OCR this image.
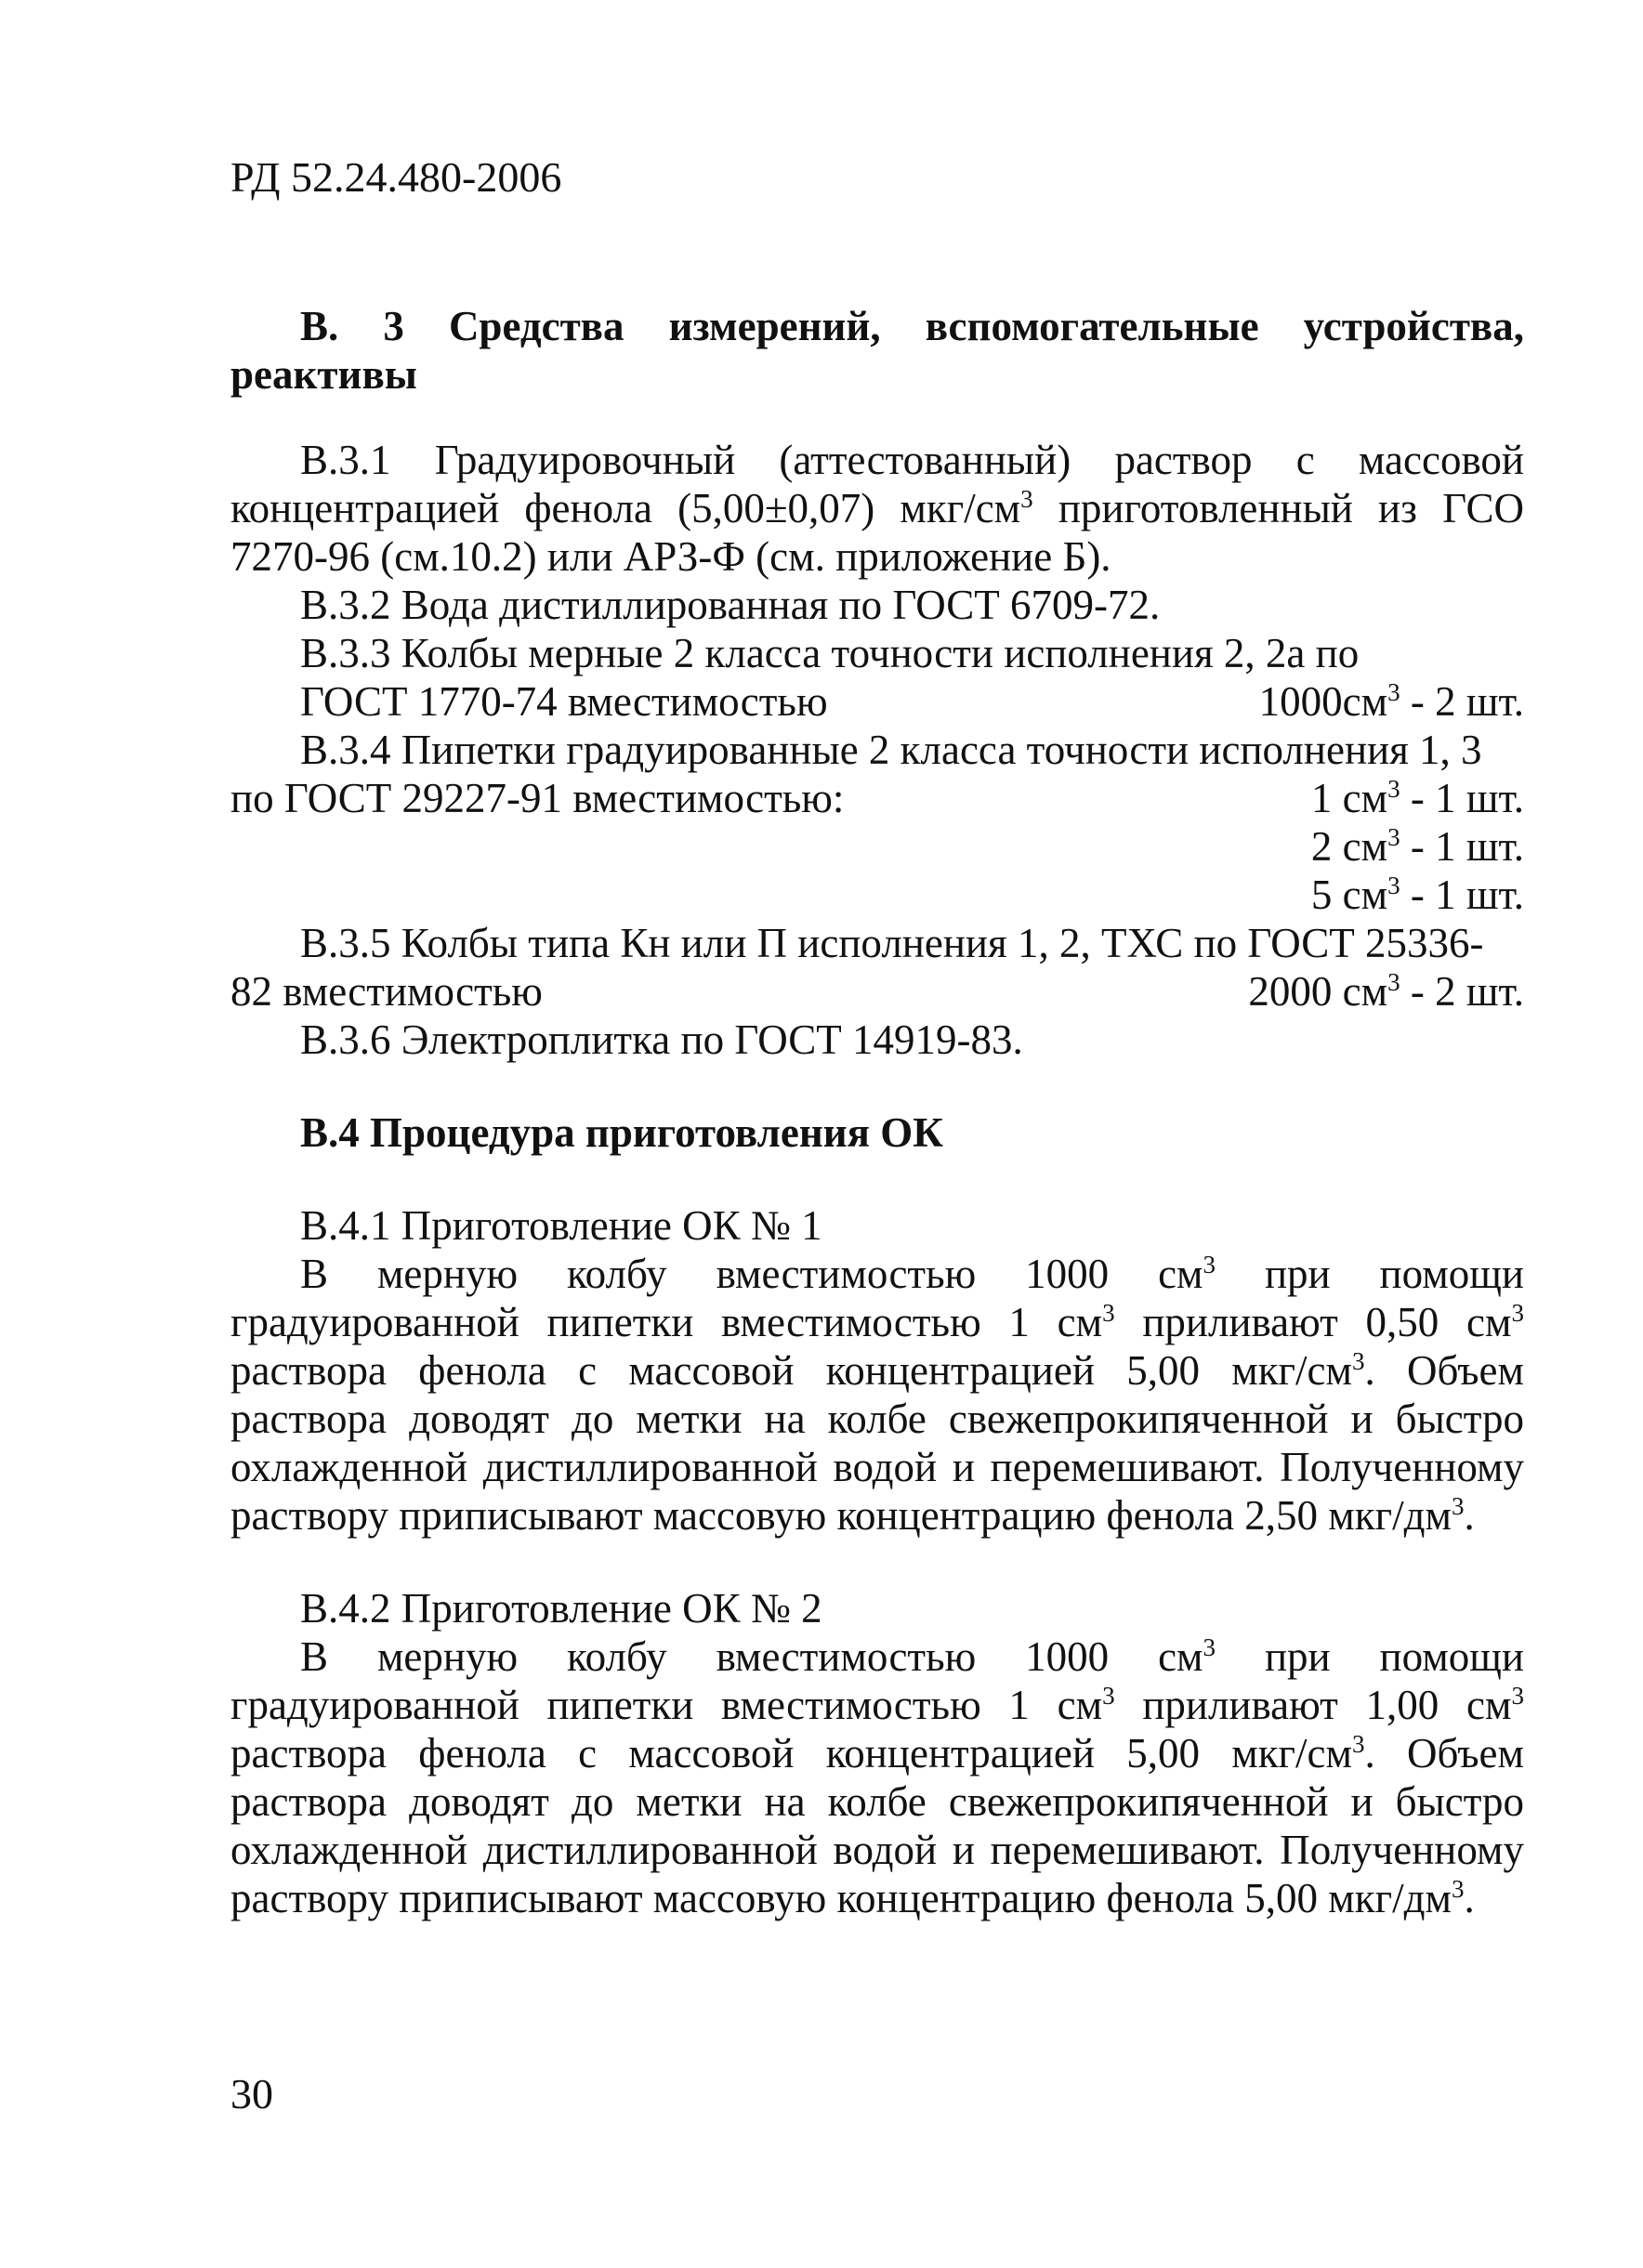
РД 52.24.480-2006

В. 3 Средства измерений, вспомогательные устройства, реактивы

В.3.1 Градуировочный (аттестованный) раствор с массовой концентрацией фенола (5,00±0,07) мкг/$см^3$ приготовленный из ГСО 7270-96 (см.10.2) или АРЗ-Ф (см. приложение Б).

В.3.2 Вода дистиллированная по ГОСТ 6709-72.

В.3.3 Колбы мерные 2 класса точности исполнения 2, 2а по

ГОСТ 1770-74 вместимостью	$1000см^3 - 2$ шт.

В.3.4 Пипетки градуированные 2 класса точности исполнения 1, 3

по ГОСТ 29227-91 вместимостью:	1 $см^3 - 1$ шт.
2 $см^3 - 1$ шт.
5 $см^3 - 1$ шт.

В.3.5 Колбы типа Кн или П исполнения 1, 2, ТХС по ГОСТ 25336-

82 вместимостью	2000 $см^3 - 2$ шт.

В.3.6 Электроплитка по ГОСТ 14919-83.

В.4 Процедура приготовления ОК

В.4.1 Приготовление ОК № 1

В мерную колбу вместимостью 1000 $см^3$ при помощи градуированной пипетки вместимостью 1 $см^3$ приливают 0,50 $см^3$ раствора фенола с массовой концентрацией 5,00 мкг/$см^3$. Объем раствора доводят до метки на колбе свежепрокипяченной и быстро охлажденной дистиллированной водой и перемешивают. Полученному раствору приписывают массовую концентрацию фенола 2,50 мкг/$дм^3$.

В.4.2 Приготовление ОК № 2

В мерную колбу вместимостью 1000 $см^3$ при помощи градуированной пипетки вместимостью 1 $см^3$ приливают 1,00 $см^3$ раствора фенола с массовой концентрацией 5,00 мкг/$см^3$. Объем раствора доводят до метки на колбе свежепрокипяченной и быстро охлажденной дистиллированной водой и перемешивают. Полученному раствору приписывают массовую концентрацию фенола 5,00 мкг/$дм^3$.

30
